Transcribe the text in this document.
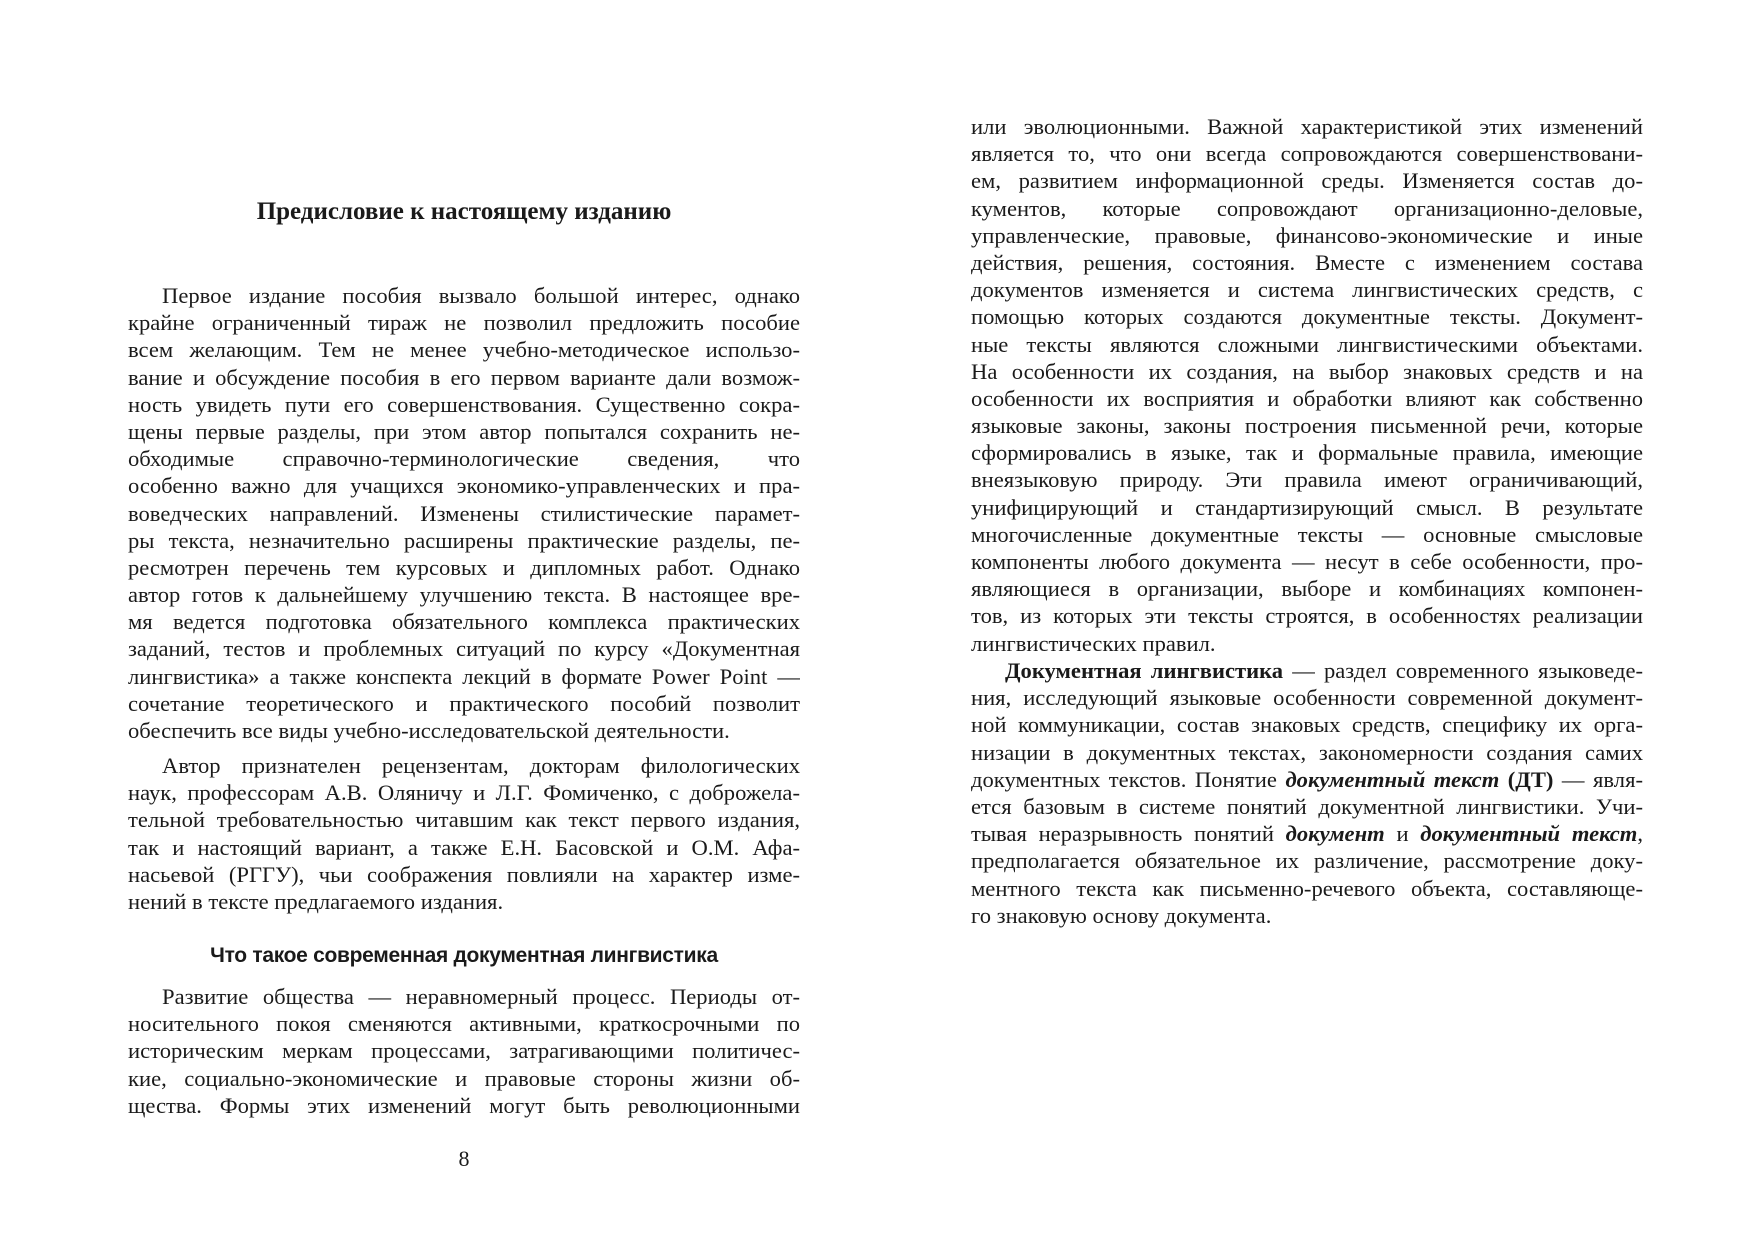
Предисловие к настоящему изданию
Первое издание пособия вызвало большой интерес, однако
крайне ограниченный тираж не позволил предложить пособие
всем желающим. Тем не менее учебно-методическое использо-
вание и обсуждение пособия в его первом варианте дали возмож-
ность увидеть пути его совершенствования. Существенно сокра-
щены первые разделы, при этом автор попытался сохранить не-
обходимые справочно-терминологические сведения, что
особенно важно для учащихся экономико-управленческих и пра-
воведческих направлений. Изменены стилистические парамет-
ры текста, незначительно расширены практические разделы, пе-
ресмотрен перечень тем курсовых и дипломных работ. Однако
автор готов к дальнейшему улучшению текста. В настоящее вре-
мя ведется подготовка обязательного комплекса практических
заданий, тестов и проблемных ситуаций по курсу «Документная
лингвистика» а также конспекта лекций в формате Power Point —
сочетание теоретического и практического пособий позволит
обеспечить все виды учебно-исследовательской деятельности.
Автор признателен рецензентам, докторам филологических
наук, профессорам А.В. Оляничу и Л.Г. Фомиченко, с доброжела-
тельной требовательностью читавшим как текст первого издания,
так и настоящий вариант, а также Е.Н. Басовской и О.М. Афа-
насьевой (РГГУ), чьи соображения повлияли на характер изме-
нений в тексте предлагаемого издания.
Что такое современная документная лингвистика
Развитие общества — неравномерный процесс. Периоды от-
носительного покоя сменяются активными, краткосрочными по
историческим меркам процессами, затрагивающими политичес-
кие, социально-экономические и правовые стороны жизни об-
щества. Формы этих изменений могут быть революционными
8
или эволюционными. Важной характеристикой этих изменений
является то, что они всегда сопровождаются совершенствовани-
ем, развитием информационной среды. Изменяется состав до-
кументов, которые сопровождают организационно-деловые,
управленческие, правовые, финансово-экономические и иные
действия, решения, состояния. Вместе с изменением состава
документов изменяется и система лингвистических средств, с
помощью которых создаются документные тексты. Документ-
ные тексты являются сложными лингвистическими объектами.
На особенности их создания, на выбор знаковых средств и на
особенности их восприятия и обработки влияют как собственно
языковые законы, законы построения письменной речи, которые
сформировались в языке, так и формальные правила, имеющие
внеязыковую природу. Эти правила имеют ограничивающий,
унифицирующий и стандартизирующий смысл. В результате
многочисленные документные тексты — основные смысловые
компоненты любого документа — несут в себе особенности, про-
являющиеся в организации, выборе и комбинациях компонен-
тов, из которых эти тексты строятся, в особенностях реализации
лингвистических правил.
Документная лингвистика — раздел современного языковеде-
ния, исследующий языковые особенности современной документ-
ной коммуникации, состав знаковых средств, специфику их орга-
низации в документных текстах, закономерности создания самих
документных текстов. Понятие документный текст (ДТ) — явля-
ется базовым в системе понятий документной лингвистики. Учи-
тывая неразрывность понятий документ и документный текст,
предполагается обязательное их различение, рассмотрение доку-
ментного текста как письменно-речевого объекта, составляюще-
го знаковую основу документа.
